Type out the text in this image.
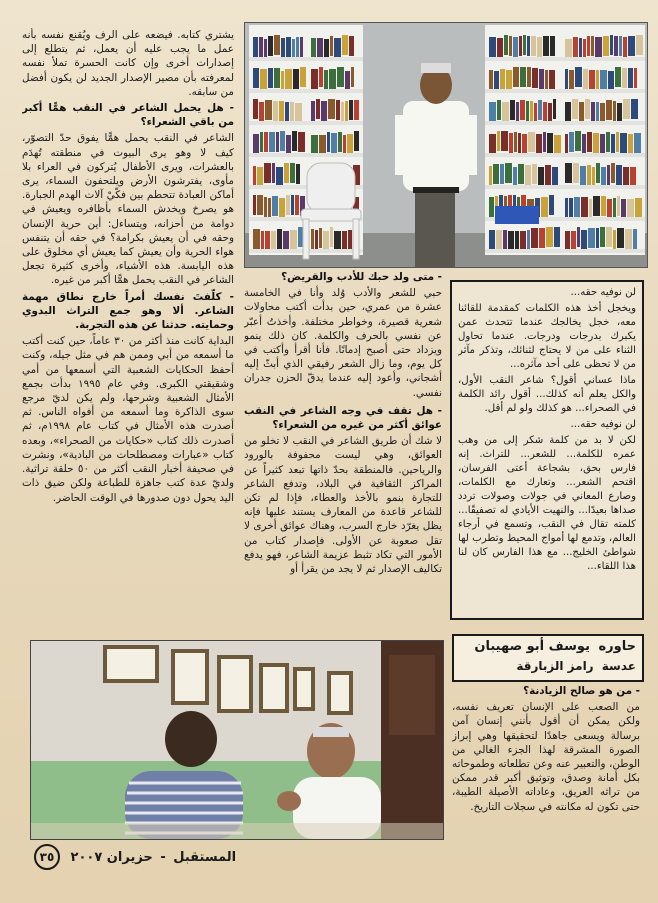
يشتري كتابه. فيضعه على الرف ويُقنع نفسه بأنه عمل ما يجب عليه أن يعمل، ثم يتطلع إلى إصدارات أخرى وإن كانت الحسرة تملأ نفسه لمعرفته بأن مصير الإصدار الجديد لن يكون أفضل من سابقه.

- هل يحمل الشاعر في النقب همًّا أكبر من باقي الشعراء؟

الشاعر في النقب يحمل همًّا يفوق حدّ التصوّر، كيف لا وهو يرى البيوت في منطقته تُهدَم بالعشرات، ويرى الأطفال يُتركون في العراء بلا مأوى، يفترشون الأرض ويلتحفون السماء، يرى أماكن العبادة تتحطم بين فكّيْ آلات الهدم الجبارة. هو يصرخ ويخدش السماء بأظافره ويعيش في دوامة من أحزانه، ويتساءل: أين حرية الإنسان وحقه في أن يعيش بكرامة؟ في حقه أن يتنفس هواء الحرية وأن يعيش كما يعيش أي مخلوق على هذه اليابسة. هذه الأشياء، وأخرى كثيرة تجعل الشاعر في النقب يحمل همًّا أكبر من غيره.

- كلّفتَ نفسك أمراً خارج نطاق مهمة الشاعر. ألا وهو جمع التراث البدوي وحمايته. حدثنا عن هذه التجربة.

البداية كانت منذ أكثر من ٣٠ عاماً، حين كنت أكتب ما أسمعه من أبي وممن هم في مثل جيله، وكنت أحفظ الحكايات الشعبية التي أسمعها من أمي وشقيقتي الكبرى. وفي عام ١٩٩٥ بدأت بجمع الأمثال الشعبية وشرحها، ولم يكن لديّ مرجع سوى الذاكرة وما أسمعه من أفواه الناس. ثم أصدرت هذه الأمثال في كتاب عام ١٩٩٨م، ثم أصدرت ذلك كتاب «حكايات من الصحراء»، وبعده كتاب «عبارات ومصطلحات من البادية»، ونشرت في صحيفة أخبار النقب أكثر من ٥٠ حلقة تراثية. ولديّ عدة كتب جاهزة للطباعة ولكن ضيق ذات اليد يحول دون صدورها في الوقت الحاضر.

- متى ولد حبك للأدب والقريض؟

حبي للشعر والأدب وُلد وأنا في الخامسة عشرة من عمري، حين بدأت أكتب محاولات شعرية قصيرة، وخواطر مختلفة. وأخذتُ أعبّر عن نفسي بالحرف والكلمة. كان ذلك ينمو ويزداد حتى أصبح إدمانًا. فأنا أقرأ وأكتب في كل يوم، وما زال الشعر رفيقي الذي أبثّ إليه أشجاني، وأعود إليه عندما يدقّ الحزن جدران نفسي.

- هل تقف في وجه الشاعر في النقب عوائق أكثر من غيره من الشعراء؟

لا شك أن طريق الشاعر في النقب لا تخلو من العوائق، وهي ليست محفوفة بالورود والرياحين. فالمنطقة بحدّ ذاتها تبعد كثيراً عن المراكز الثقافية في البلاد، وتدفع الشاعر للتجارة بنمو بالأخذ والعطاء، فإذا لم تكن للشاعر قاعدة من المعارف يستند عليها فإنه يظل يغرّد خارج السرب، وهناك عوائق أخرى لا تقل صعوبة عن الأولى. فإصدار كتاب من الأمور التي تكاد تثبط عزيمة الشاعر، فهو يدفع تكاليف الإصدار ثم لا يجد من يقرأ أو

لن نوفيه حقه...

ويخجل أخذ هذه الكلمات كمقدمة للقائنا معه، خجل يخالجك عندما تتحدث عمن يكبرك بدرجات ودرجات. عندما تحاول الثناء على من لا يحتاج لثنائك، وتذكر مآثر من لا تحظى على أحد مآثره...

ماذا عساني أقول؟ شاعر النقب الأول، والكل يعلم أنه كذلك... أقول رائد الكلمة في الصحراء... هو كذلك ولو لم أقل.

لن نوفيه حقه...

لكن لا بد من كلمة شكر إلى من وهب عمره للكلمة... للشعر... للتراث. إنه فارس بحق، بشجاعة أعتى الفرسان، اقتحم الشعر... وتعارك مع الكلمات، وصارع المعاني في جولات وصولات تردد صداها بعيدًا... والنهيت الأيادي له تصفيقًا... كلمته تقال في النقب، وتسمع في أرجاء العالم، وتدمع لها أمواج المحيط وتطرب لها شواطئ الخليج... مع هذا الفارس كان لنا هذا اللقاء...

حاوره يوسف أبو صهيبان
عدسة رامز الزبارقة

- من هو صالح الزيادنة؟

من الصعب على الإنسان تعريف نفسه، ولكن يمكن أن أقول بأنني إنسان آمن برسالة ويسعى جاهدًا لتحقيقها وهي إبراز الصورة المشرقة لهذا الجزء الغالي من الوطن، والتعبير عنه وعن تطلعاته وطموحاته بكل أمانة وصدق، وتوثيق أكبر قدر ممكن من تراثه العريق، وعاداته الأصيلة الطيبة، حتى تكون له مكانته في سجلات التاريخ.

المستقبل - حزيران ٢٠٠٧ ٣٥
